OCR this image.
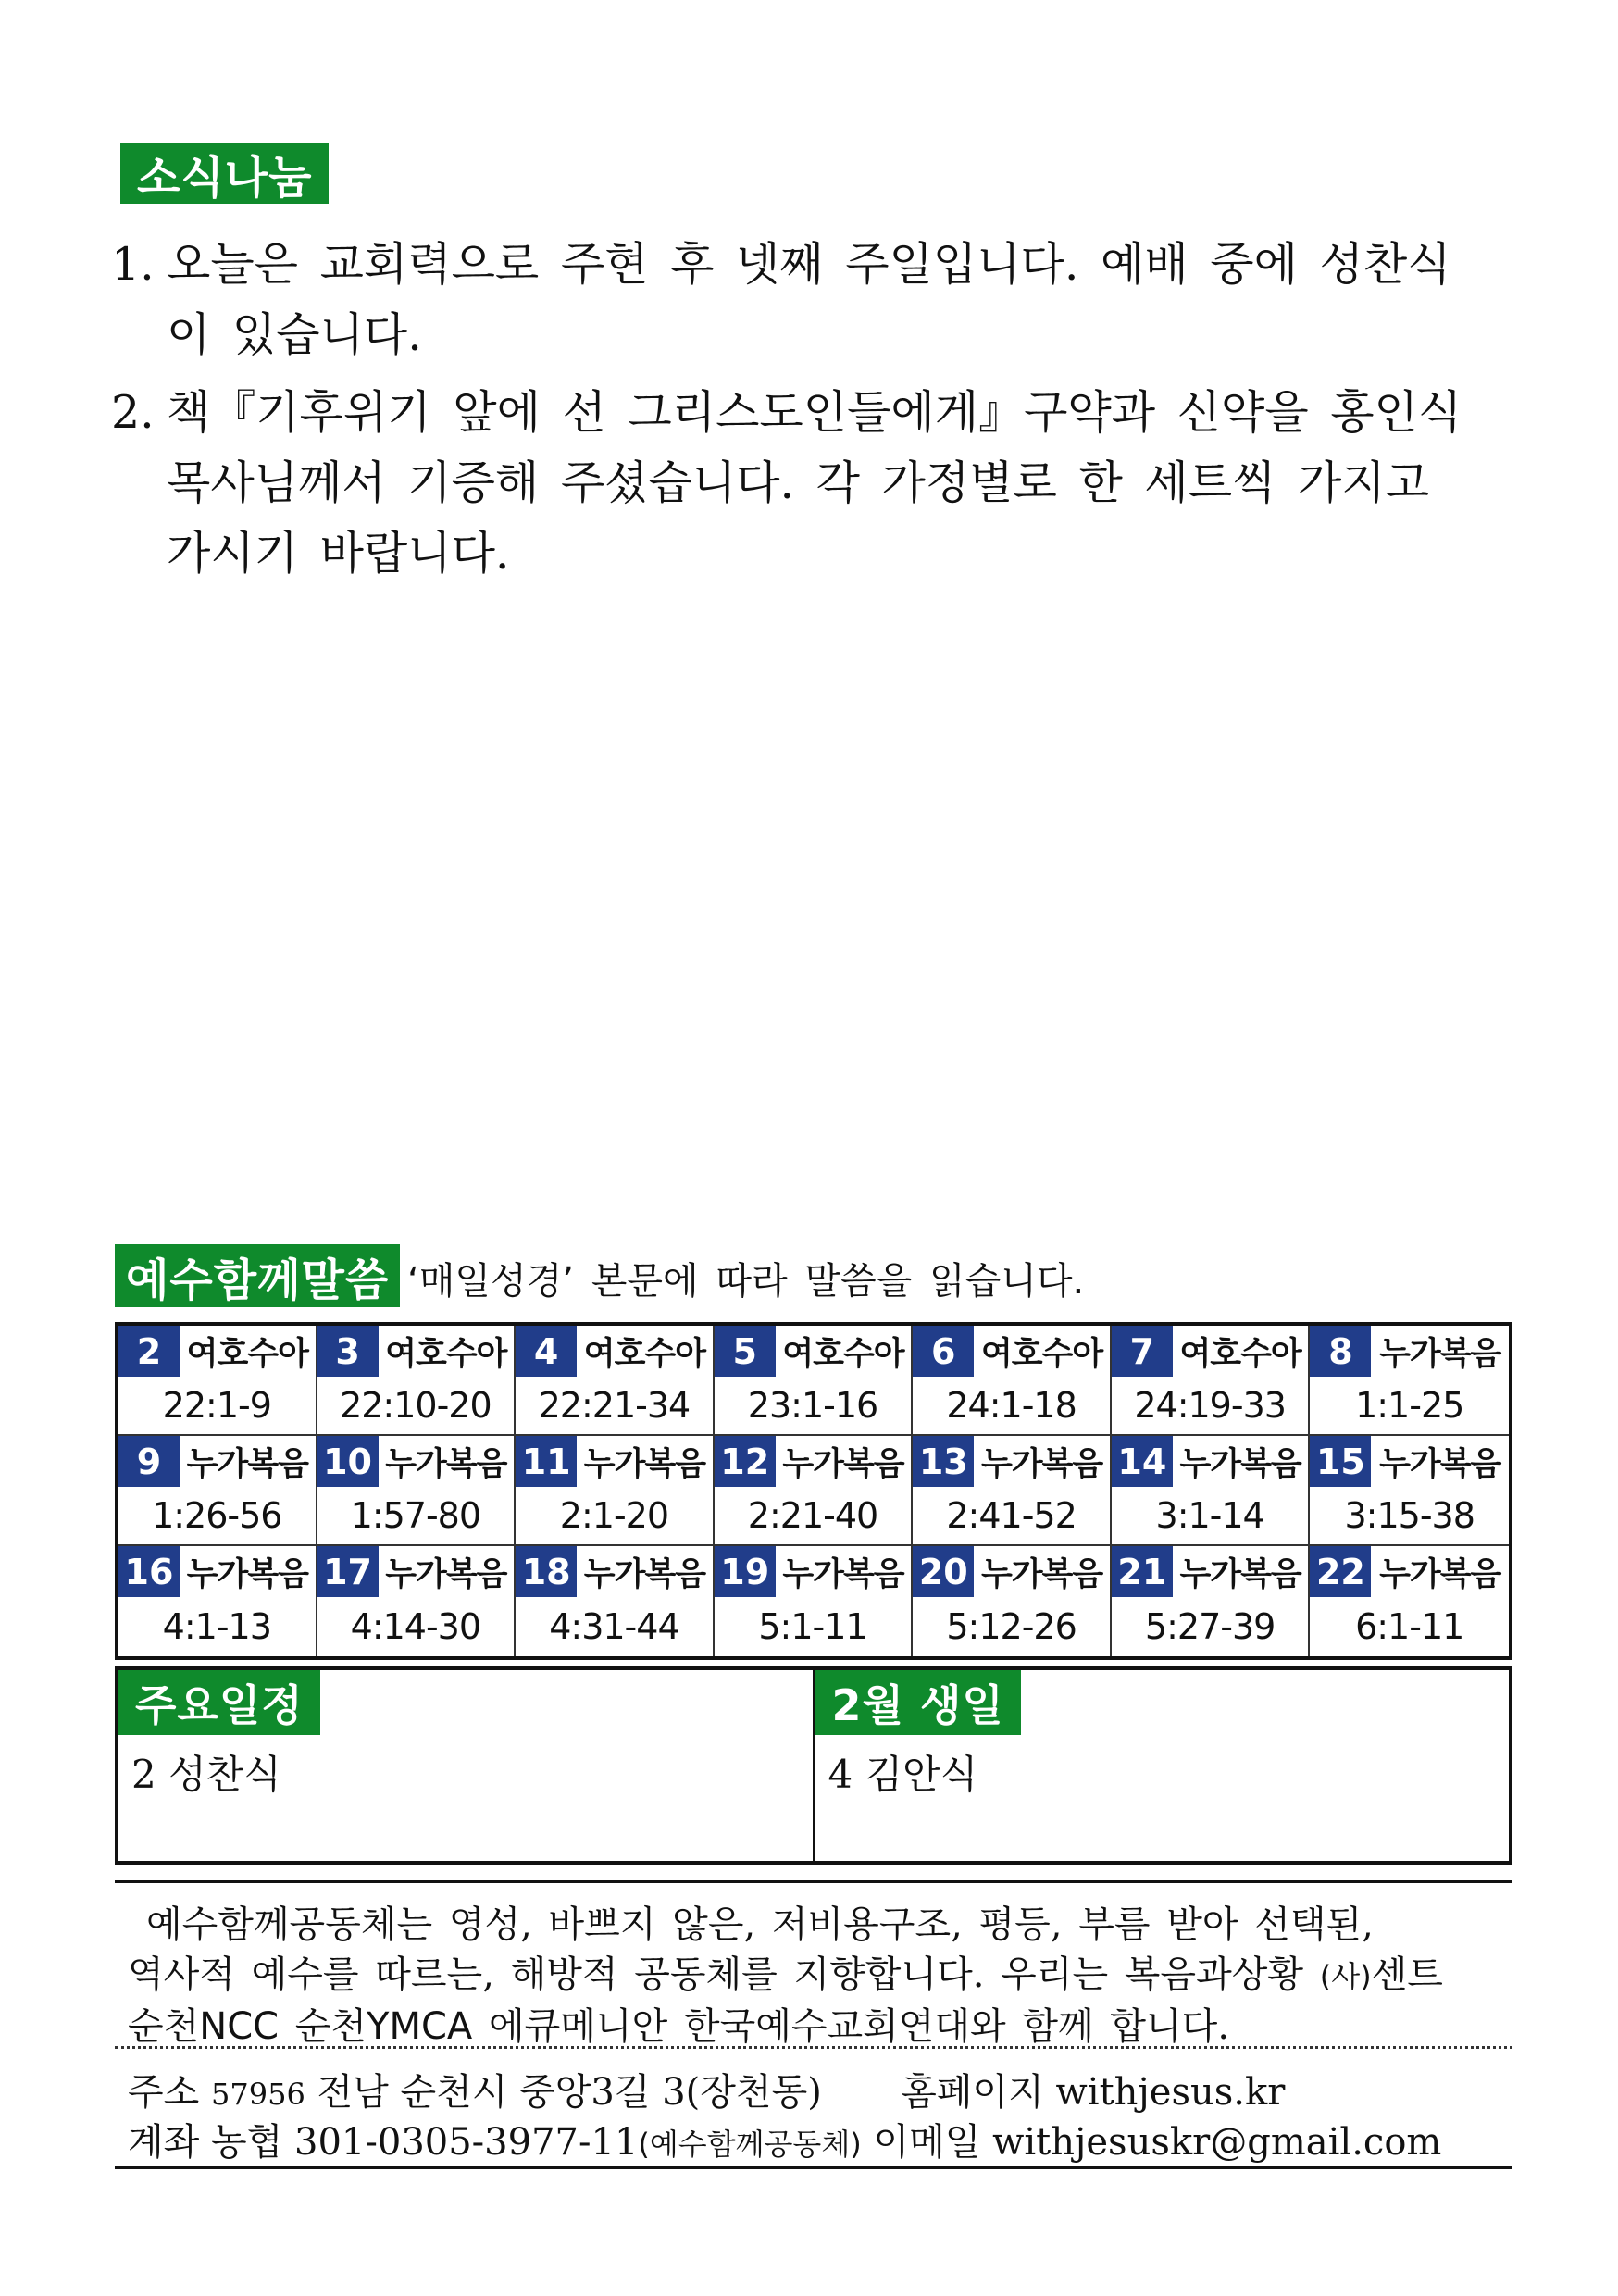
소식나눔
1. 오늘은 교회력으로 주현 후 넷째 주일입니다. 예배 중에 성찬식이 있습니다.
2. 책『기후위기 앞에 선 그리스도인들에게』구약과 신약을 홍인식 목사님께서 기증해 주셨습니다. 각 가정별로 한 세트씩 가지고 가시기 바랍니다.
예수함께말씀 ‘매일성경’ 본문에 따라 말씀을 읽습니다.
2 여호수아
22:1-9
3 여호수아
22:10-20
4 여호수아
22:21-34
5 여호수아
23:1-16
6 여호수아
24:1-18
7 여호수아
24:19-33
8 누가복음
1:1-25
9 누가복음
1:26-56
10 누가복음
1:57-80
11 누가복음
2:1-20
12 누가복음
2:21-40
13 누가복음
2:41-52
14 누가복음
3:1-14
15 누가복음
3:15-38
16 누가복음
4:1-13
17 누가복음
4:14-30
18 누가복음
4:31-44
19 누가복음
5:1-11
20 누가복음
5:12-26
21 누가복음
5:27-39
22 누가복음
6:1-11
주요일정
2 성찬식
2월 생일
4 김안식
예수함께공동체는 영성, 바쁘지 않은, 저비용구조, 평등, 부름 받아 선택된,
역사적 예수를 따르는, 해방적 공동체를 지향합니다. 우리는 복음과상황 (사)센트
순천NCC 순천YMCA 에큐메니안 한국예수교회연대와 함께 합니다.
주소 57956 전남 순천시 중앙3길 3(장천동) 홈페이지 withjesus.kr
계좌 농협 301-0305-3977-11(예수함께공동체) 이메일 withjesuskr@gmail.com
